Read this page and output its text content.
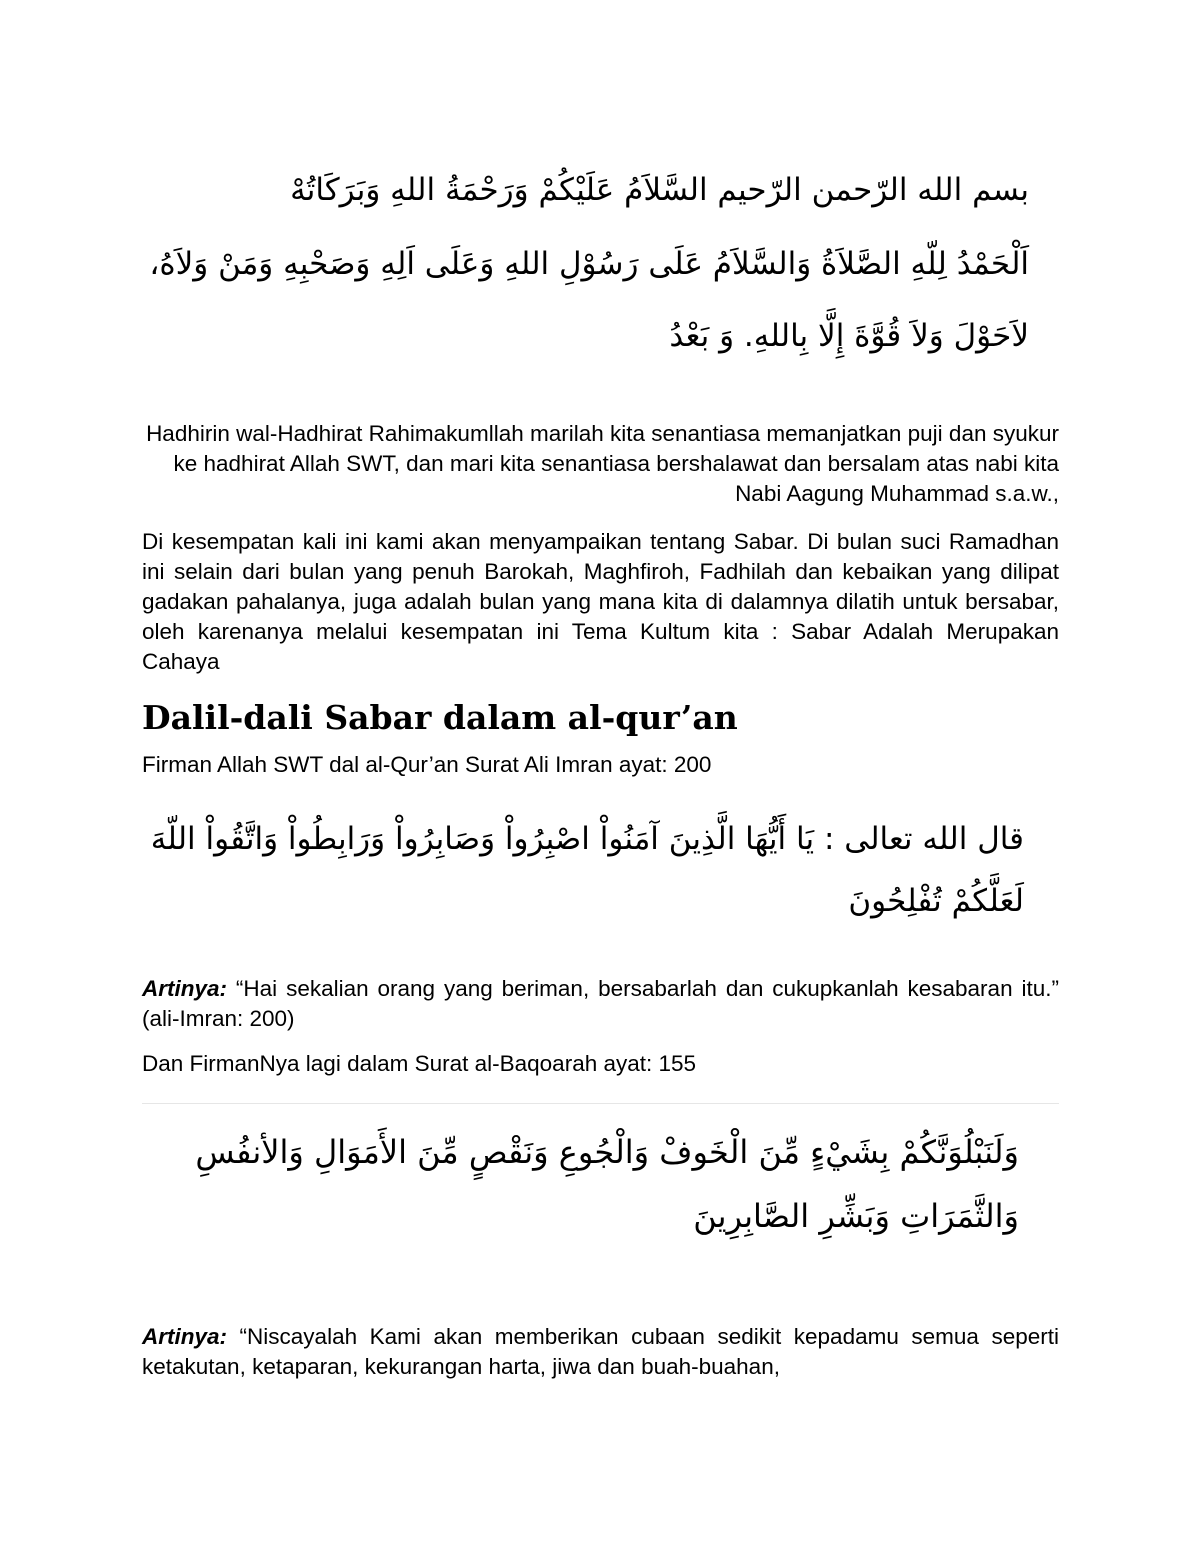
بسم الله الرّحمن الرّحيم السَّلاَمُ عَلَيْكُمْ وَرَحْمَةُ اللهِ وَبَرَكَاتُهْ
اَلْحَمْدُ لِلّهِ الصَّلاَةُ وَالسَّلاَمُ عَلَى رَسُوْلِ اللهِ وَعَلَى اَلِهِ وَصَحْبِهِ وَمَنْ وَلاَهُ،
لاَحَوْلَ وَلاَ قُوَّةَ إِلَّا بِاللهِ. وَ بَعْدُ

Hadhirin wal-Hadhirat Rahimakumllah marilah kita senantiasa memanjatkan puji dan syukur ke hadhirat Allah SWT, dan mari kita senantiasa bershalawat dan bersalam atas nabi kita Nabi Aagung Muhammad s.a.w.,

Di kesempatan kali ini kami akan menyampaikan tentang Sabar. Di bulan suci Ramadhan ini selain dari bulan yang penuh Barokah, Maghfiroh, Fadhilah dan kebaikan yang dilipat gadakan pahalanya, juga adalah bulan yang mana kita di dalamnya dilatih untuk bersabar, oleh karenanya melalui kesempatan ini Tema Kultum kita : Sabar Adalah Merupakan Cahaya

Dalil-dali Sabar dalam al-qur’an

Firman Allah SWT dal al-Qur’an Surat Ali Imran ayat: 200

قال الله تعالى : يَا أَيُّهَا الَّذِينَ آمَنُواْ اصْبِرُواْ وَصَابِرُواْ وَرَابِطُواْ وَاتَّقُواْ اللّهَ
لَعَلَّكُمْ تُفْلِحُونَ

Artinya: “Hai sekalian orang yang beriman, bersabarlah dan cukupkanlah kesabaran itu.” (ali-Imran: 200)

Dan FirmanNya lagi dalam Surat al-Baqoarah ayat: 155

وَلَنَبْلُوَنَّكُمْ بِشَيْءٍ مِّنَ الْخَوفْ وَالْجُوعِ وَنَقْصٍ مِّنَ الأَمَوَالِ وَالأنفُسِ
وَالثَّمَرَاتِ وَبَشِّرِ الصَّابِرِينَ

Artinya: “Niscayalah Kami akan memberikan cubaan sedikit kepadamu semua seperti ketakutan, ketaparan, kekurangan harta, jiwa dan buah-buahan,
